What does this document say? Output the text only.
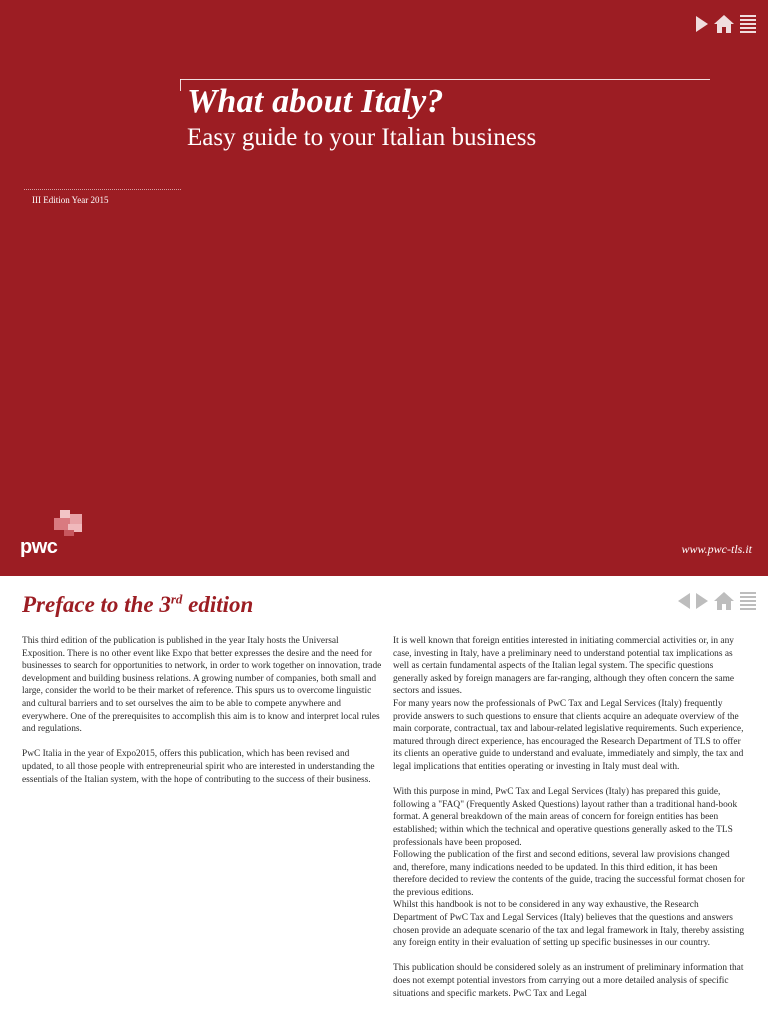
What about Italy?
Easy guide to your Italian business
III Edition Year 2015
pwc	www.pwc-tls.it
Preface to the 3rd edition

This third edition of the publication is published in the year Italy hosts the Universal Exposition. There is no other event like Expo that better expresses the desire and the need for businesses to search for opportunities to network, in order to work together on innovation, trade development and building business relations. A growing number of companies, both small and large, consider the world to be their market of reference. This spurs us to overcome linguistic and cultural barriers and to set ourselves the aim to be able to compete anywhere and everywhere. One of the prerequisites to accomplish this aim is to know and interpret local rules and regulations.

PwC Italia in the year of Expo2015, offers this publication, which has been revised and updated, to all those people with entrepreneurial spirit who are interested in understanding the essentials of the Italian system, with the hope of contributing to the success of their business.

It is well known that foreign entities interested in initiating commercial activities or, in any case, investing in Italy, have a preliminary need to understand potential tax implications as well as certain fundamental aspects of the Italian legal system. The specific questions generally asked by foreign managers are far-ranging, although they often concern the same sectors and issues.

For many years now the professionals of PwC Tax and Legal Services (Italy) frequently provide answers to such questions to ensure that clients acquire an adequate overview of the main corporate, contractual, tax and labour-related legislative requirements. Such experience, matured through direct experience, has encouraged the Research Department of TLS to offer its clients an operative guide to understand and evaluate, immediately and simply, the tax and legal implications that entities operating or investing in Italy must deal with.

With this purpose in mind, PwC Tax and Legal Services (Italy) has prepared this guide, following a "FAQ" (Frequently Asked Questions) layout rather than a traditional hand-book format. A general breakdown of the main areas of concern for foreign entities has been established; within which the technical and operative questions generally asked to the TLS professionals have been proposed.

Following the publication of the first and second editions, several law provisions changed and, therefore, many indications needed to be updated. In this third edition, it has been therefore decided to review the contents of the guide, tracing the successful format chosen for the previous editions.

Whilst this handbook is not to be considered in any way exhaustive, the Research Department of PwC Tax and Legal Services (Italy) believes that the questions and answers chosen provide an adequate scenario of the tax and legal framework in Italy, thereby assisting any foreign entity in their evaluation of setting up specific businesses in our country.

This publication should be considered solely as an instrument of preliminary information that does not exempt potential investors from carrying out a more detailed analysis of specific situations and specific markets. PwC Tax and Legal
